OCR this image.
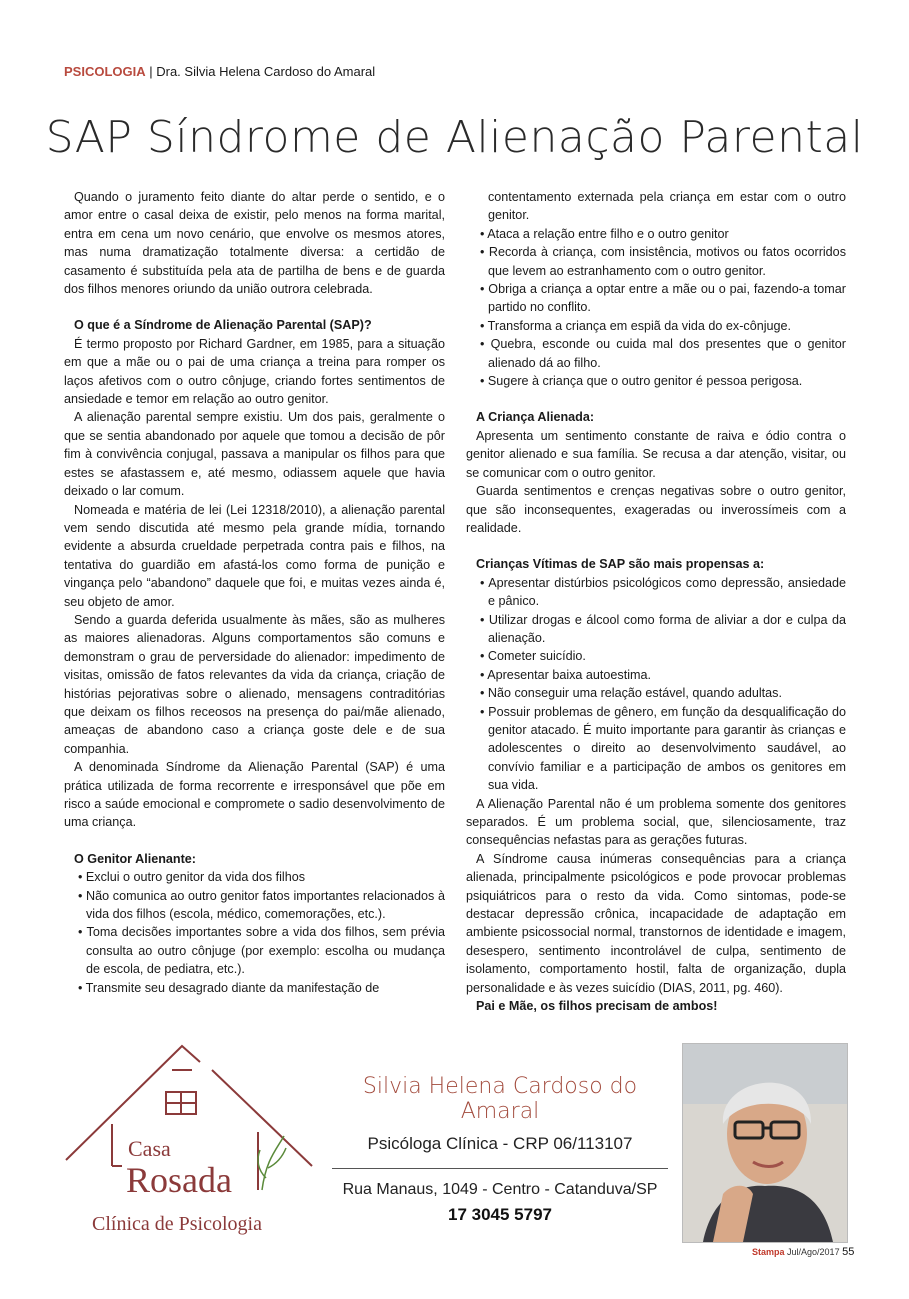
PSICOLOGIA | Dra. Silvia Helena Cardoso do Amaral
SAP Síndrome de Alienação Parental

Quando o juramento feito diante do altar perde o sentido, e o amor entre o casal deixa de existir, pelo menos na forma marital, entra em cena um novo cenário, que envolve os mesmos atores, mas numa dramatização totalmente diversa: a certidão de casamento é substituída pela ata de partilha de bens e de guarda dos filhos menores oriundo da união outrora celebrada.

O que é a Síndrome de Alienação Parental (SAP)?

É termo proposto por Richard Gardner, em 1985, para a situação em que a mãe ou o pai de uma criança a treina para romper os laços afetivos com o outro cônjuge, criando fortes sentimentos de ansiedade e temor em relação ao outro genitor.

A alienação parental sempre existiu. Um dos pais, geralmente o que se sentia abandonado por aquele que tomou a decisão de pôr fim à convivência conjugal, passava a manipular os filhos para que estes se afastassem e, até mesmo, odiassem aquele que havia deixado o lar comum.

Nomeada e matéria de lei (Lei 12318/2010), a alienação parental vem sendo discutida até mesmo pela grande mídia, tornando evidente a absurda crueldade perpetrada contra pais e filhos, na tentativa do guardião em afastá-los como forma de punição e vingança pelo “abandono” daquele que foi, e muitas vezes ainda é, seu objeto de amor.

Sendo a guarda deferida usualmente às mães, são as mulheres as maiores alienadoras. Alguns comportamentos são comuns e demonstram o grau de perversidade do alienador: impedimento de visitas, omissão de fatos relevantes da vida da criança, criação de histórias pejorativas sobre o alienado, mensagens contraditórias que deixam os filhos receosos na presença do pai/mãe alienado, ameaças de abandono caso a criança goste dele e de sua companhia.

A denominada Síndrome da Alienação Parental (SAP) é uma prática utilizada de forma recorrente e irresponsável que põe em risco a saúde emocional e compromete o sadio desenvolvimento de uma criança.

O Genitor Alienante:
• Exclui o outro genitor da vida dos filhos
• Não comunica ao outro genitor fatos importantes relacionados à vida dos filhos (escola, médico, comemorações, etc.).
• Toma decisões importantes sobre a vida dos filhos, sem prévia consulta ao outro cônjuge (por exemplo: escolha ou mudança de escola, de pediatra, etc.).
• Transmite seu desagrado diante da manifestação de

contentamento externada pela criança em estar com o outro genitor.

• Ataca a relação entre filho e o outro genitor
• Recorda à criança, com insistência, motivos ou fatos ocorridos que levem ao estranhamento com o outro genitor.
• Obriga a criança a optar entre a mãe ou o pai, fazendo-a tomar partido no conflito.
• Transforma a criança em espiã da vida do ex-cônjuge.
• Quebra, esconde ou cuida mal dos presentes que o genitor alienado dá ao filho.
• Sugere à criança que o outro genitor é pessoa perigosa.
A Criança Alienada:

Apresenta um sentimento constante de raiva e ódio contra o genitor alienado e sua família. Se recusa a dar atenção, visitar, ou se comunicar com o outro genitor.

Guarda sentimentos e crenças negativas sobre o outro genitor, que são inconsequentes, exageradas ou inverossímeis com a realidade.

Crianças Vítimas de SAP são mais propensas a:
• Apresentar distúrbios psicológicos como depressão, ansiedade e pânico.
• Utilizar drogas e álcool como forma de aliviar a dor e culpa da alienação.
• Cometer suicídio.
• Apresentar baixa autoestima.
• Não conseguir uma relação estável, quando adultas.
• Possuir problemas de gênero, em função da desqualificação do genitor atacado. É muito importante para garantir às crianças e adolescentes o direito ao desenvolvimento saudável, ao convívio familiar e a participação de ambos os genitores em sua vida.

A Alienação Parental não é um problema somente dos genitores separados. É um problema social, que, silenciosamente, traz consequências nefastas para as gerações futuras.

A Síndrome causa inúmeras consequências para a criança alienada, principalmente psicológicos e pode provocar problemas psiquiátricos para o resto da vida. Como sintomas, pode-se destacar depressão crônica, incapacidade de adaptação em ambiente psicossocial normal, transtornos de identidade e imagem, desespero, sentimento incontrolável de culpa, sentimento de isolamento, comportamento hostil, falta de organização, dupla personalidade e às vezes suicídio (DIAS, 2011, pg. 460).

Pai e Mãe, os filhos precisam de ambos!
Casa
Rosada
Clínica de Psicologia
Silvia Helena Cardoso do Amaral
Psicóloga Clínica - CRP 06/113107
Rua Manaus, 1049 - Centro - Catanduva/SP
17 3045 5797
Stampa Jul/Ago/2017 55
